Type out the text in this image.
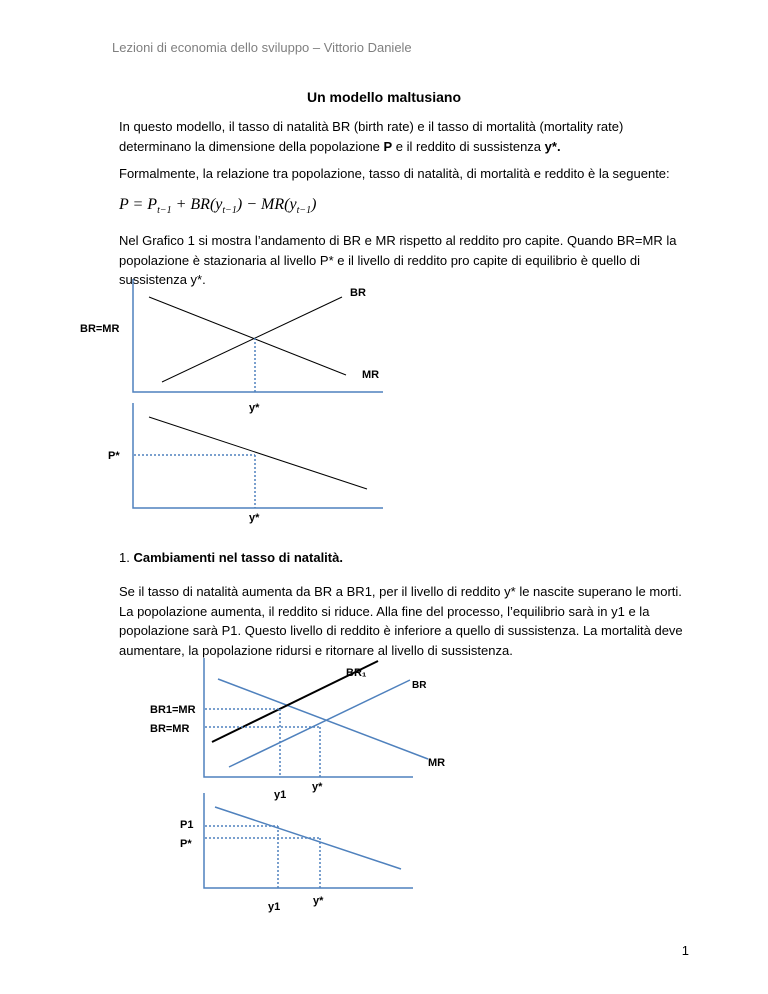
Lezioni di economia dello sviluppo – Vittorio Daniele
Un modello maltusiano
In questo modello, il tasso di natalità BR (birth rate) e il tasso di mortalità (mortality rate) determinano la dimensione della popolazione P e il reddito di sussistenza y*.
Formalmente, la relazione tra popolazione, tasso di natalità, di mortalità e reddito è la seguente:
$P = P_{t-1} + BR(y_{t-1}) - MR(y_{t-1})$
Nel Grafico 1 si mostra l’andamento di BR e MR rispetto al reddito pro capite. Quando BR=MR la popolazione è stazionaria al livello P* e il livello di reddito pro capite di equilibrio è quello di sussistenza y*.
BR
BR=MR
MR
y*
P*
y*
1. Cambiamenti nel tasso di natalità.
Se il tasso di natalità aumenta da BR a BR1, per il livello di reddito y* le nascite superano le morti. La popolazione aumenta, il reddito si riduce. Alla fine del processo, l’equilibrio sarà in y1 e la popolazione sarà P1. Questo livello di reddito è inferiore a quello di sussistenza. La mortalità deve aumentare, la popolazione ridursi e ritornare al livello di sussistenza.
BR₁
BR
BR1=MR
BR=MR
MR
y1
y*
P1
P*
y1	y*
1
